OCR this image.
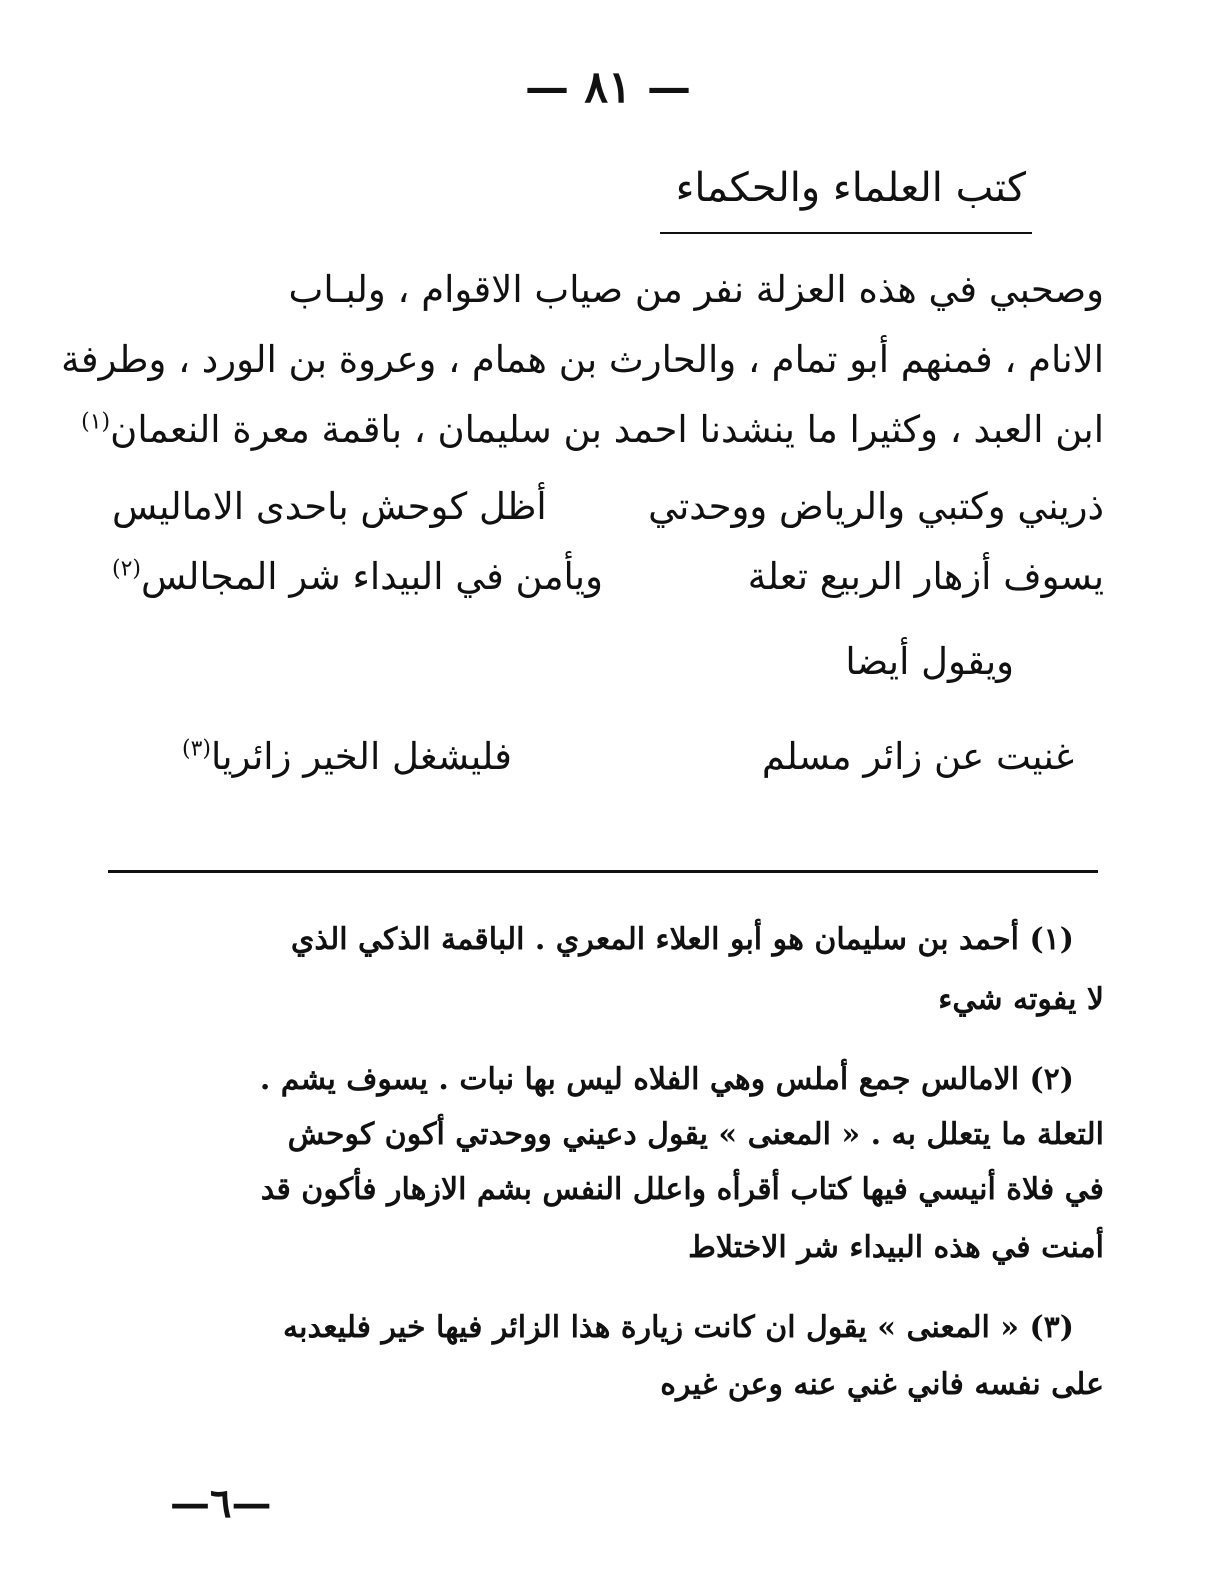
— ٨١ —
كتب العلماء والحكماء
وصحبي في هذه العزلة نفر من صياب الاقوام ، ولبـاب
الانام ، فمنهم أبو تمام ، والحارث بن همام ، وعروة بن الورد ، وطرفة
ابن العبد ، وكثيرا ما ينشدنا احمد بن سليمان ، باقمة معرة النعمان$^{(١)}$
ذريني وكتبي والرياض ووحدتي
أظل كوحش باحدى الاماليس
يسوف أزهار الربيع تعلة
ويأمن في البيداء شر المجالس$^{(٢)}$
ويقول أيضا
غنيت عن زائر مسلم
فليشغل الخير زائريا$^{(٣)}$
(١) أحمد بن سليمان هو أبو العلاء المعري . الباقمة الذكي الذي
لا يفوته شيء
(٢) الامالس جمع أملس وهي الفلاه ليس بها نبات . يسوف يشم .
التعلة ما يتعلل به . « المعنى » يقول دعيني ووحدتي أكون كوحش
في فلاة أنيسي فيها كتاب أقرأه واعلل النفس بشم الازهار فأكون قد
أمنت في هذه البيداء شر الاختلاط
(٣) « المعنى » يقول ان كانت زيارة هذا الزائر فيها خير فليعدبه
على نفسه فاني غني عنه وعن غيره
—٦—
